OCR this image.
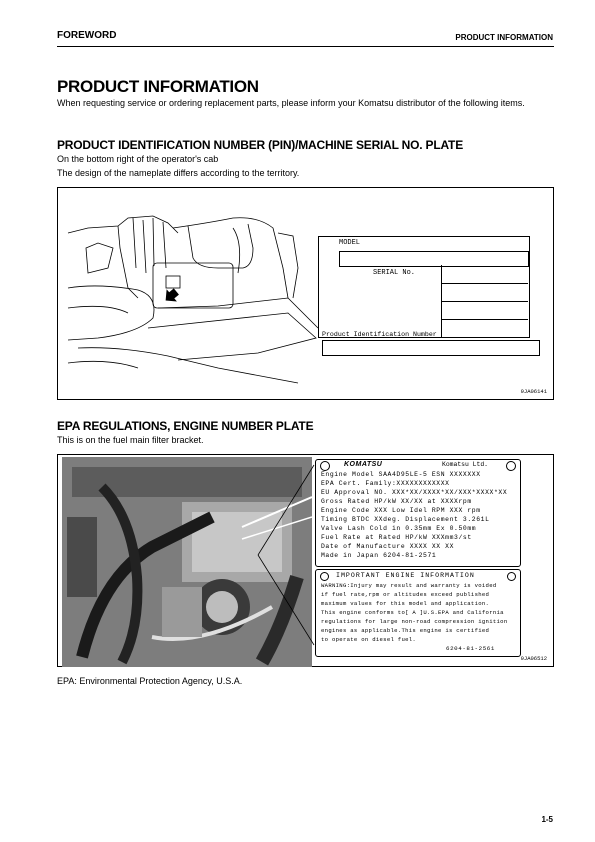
FOREWORD	PRODUCT INFORMATION
PRODUCT INFORMATION
When requesting service or ordering replacement parts, please inform your Komatsu distributor of the following items.
PRODUCT IDENTIFICATION NUMBER (PIN)/MACHINE SERIAL NO. PLATE
On the bottom right of the operator's cab
The design of the nameplate differs according to the territory.
MODEL
SERIAL No.
Product Identification Number
9JA06141
EPA REGULATIONS, ENGINE NUMBER PLATE
This is on the fuel main filter bracket.
KOMATSU	Komatsu Ltd.
Engine Model SAA4D95LE-5 ESN XXXXXXX
EPA Cert. Family:XXXXXXXXXXXX
EU Approval NO. XXX*XX/XXXX*XX/XXX*XXXX*XX
Gross Rated HP/kW XX/XX at XXXXrpm
Engine Code XXX Low Idel RPM XXX rpm
Timing BTDC XXdeg. Displacement 3.261L
Valve Lash Cold in 0.35mm Ex 0.50mm
Fuel Rate at Rated HP/kW XXXmm3/st
Date of Manufacture XXXX XX XX
Made in Japan 6204-81-2571
IMPORTANT ENGINE INFORMATION
WARNING:Injury may result and warranty is voided
if fuel rate,rpm or altitudes exceed published
maximum values for this model and application.
This engine conforms to[ A ]U.S.EPA and California
regulations for large non-road compression ignition
engines as applicable.This engine is certified
to operate on diesel fuel.
6204-81-2561
9JA06512
EPA: Environmental Protection Agency, U.S.A.
1-5
